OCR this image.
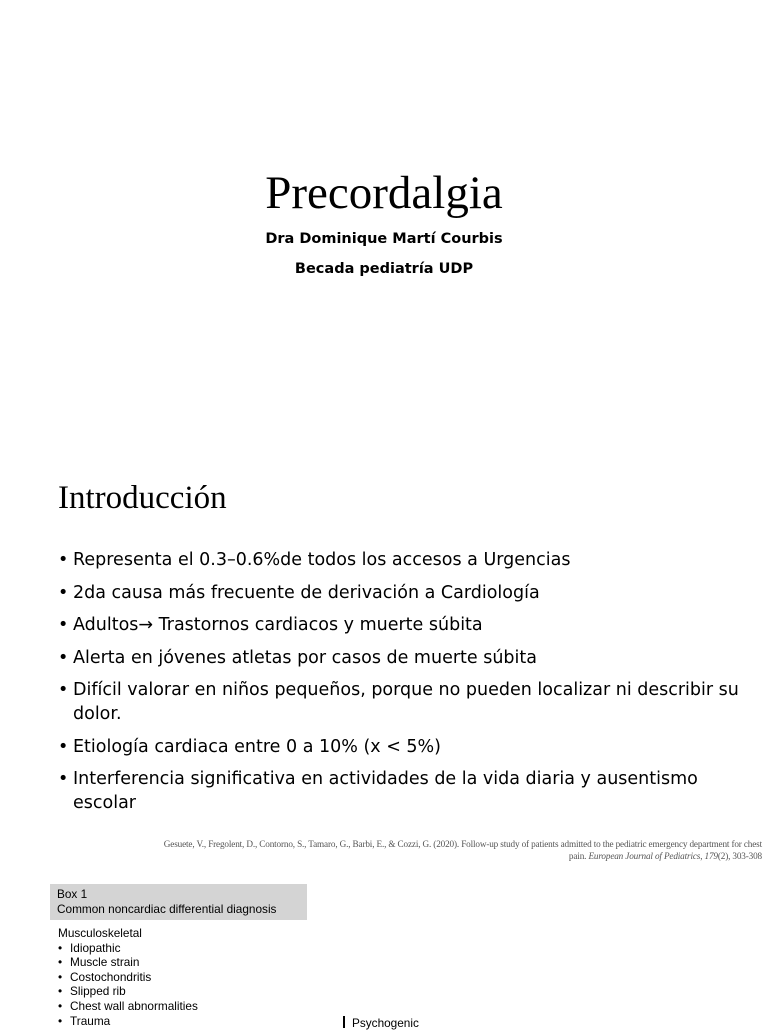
Precordalgia
Dra Dominique Martí Courbis
Becada pediatría UDP
Introducción
• Representa el 0.3–0.6%de todos los accesos a Urgencias
• 2da causa más frecuente de derivación a Cardiología
• Adultos→ Trastornos cardiacos y muerte súbita
• Alerta en jóvenes atletas por casos de muerte súbita
• Difícil valorar en niños pequeños, porque no pueden localizar ni describir su dolor.
• Etiología cardiaca entre 0 a 10% (x < 5%)
• Interferencia significativa en actividades de la vida diaria y ausentismo escolar
Gesuete, V., Fregolent, D., Contorno, S., Tamaro, G., Barbi, E., & Cozzi, G. (2020). Follow-up study of patients admitted to the pediatric emergency department for chest
pain. European Journal of Pediatrics, 179(2), 303-308
Box 1
Common noncardiac differential diagnosis
Musculoskeletal
• Idiopathic
• Muscle strain
• Costochondritis
• Slipped rib
• Chest wall abnormalities
• Trauma	Psychogenic
